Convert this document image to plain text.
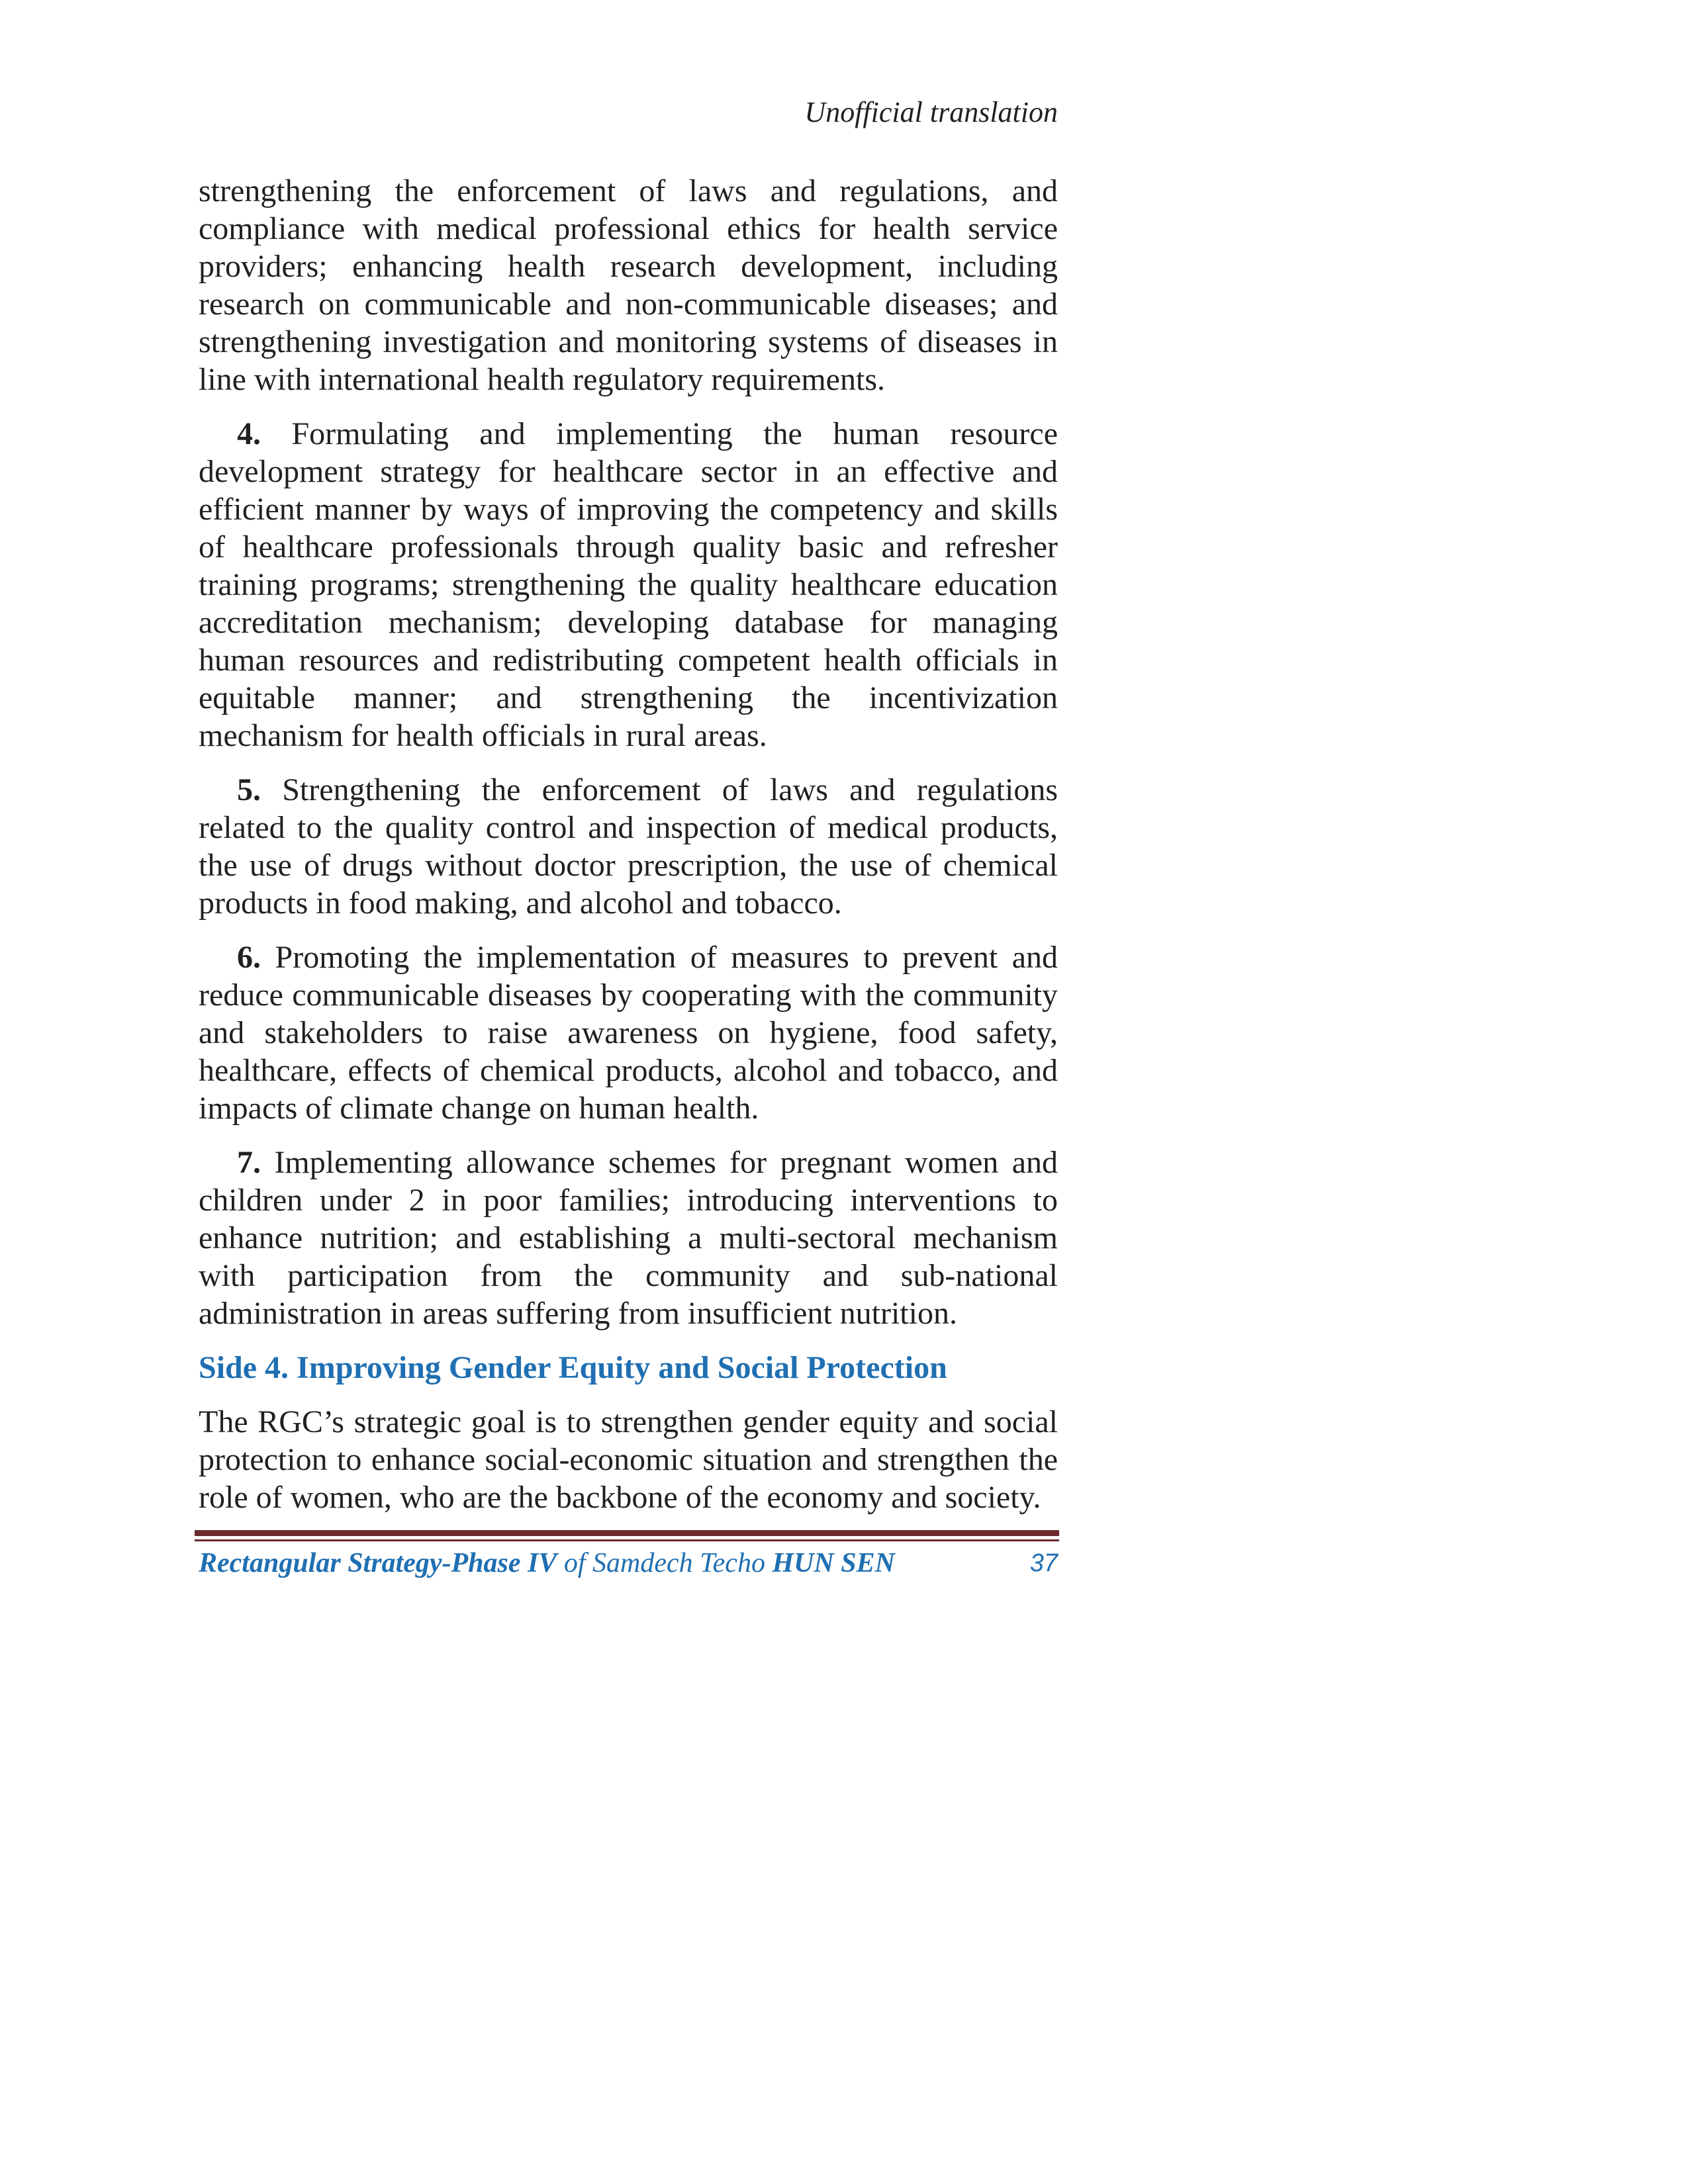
Unofficial translation

strengthening the enforcement of laws and regulations, and compliance with medical professional ethics for health service providers; enhancing health research development, including research on communicable and non-communicable diseases; and strengthening investigation and monitoring systems of diseases in line with international health regulatory requirements.

4. Formulating and implementing the human resource development strategy for healthcare sector in an effective and efficient manner by ways of improving the competency and skills of healthcare professionals through quality basic and refresher training programs; strengthening the quality healthcare education accreditation mechanism; developing database for managing human resources and redistributing competent health officials in equitable manner; and strengthening the incentivization mechanism for health officials in rural areas.

5. Strengthening the enforcement of laws and regulations related to the quality control and inspection of medical products, the use of drugs without doctor prescription, the use of chemical products in food making, and alcohol and tobacco.

6. Promoting the implementation of measures to prevent and reduce communicable diseases by cooperating with the community and stakeholders to raise awareness on hygiene, food safety, healthcare, effects of chemical products, alcohol and tobacco, and impacts of climate change on human health.

7. Implementing allowance schemes for pregnant women and children under 2 in poor families; introducing interventions to enhance nutrition; and establishing a multi-sectoral mechanism with participation from the community and sub-national administration in areas suffering from insufficient nutrition.

Side 4. Improving Gender Equity and Social Protection

The RGC’s strategic goal is to strengthen gender equity and social protection to enhance social-economic situation and strengthen the role of women, who are the backbone of the economy and society.

Rectangular Strategy-Phase IV of Samdech Techo HUN SEN	37
